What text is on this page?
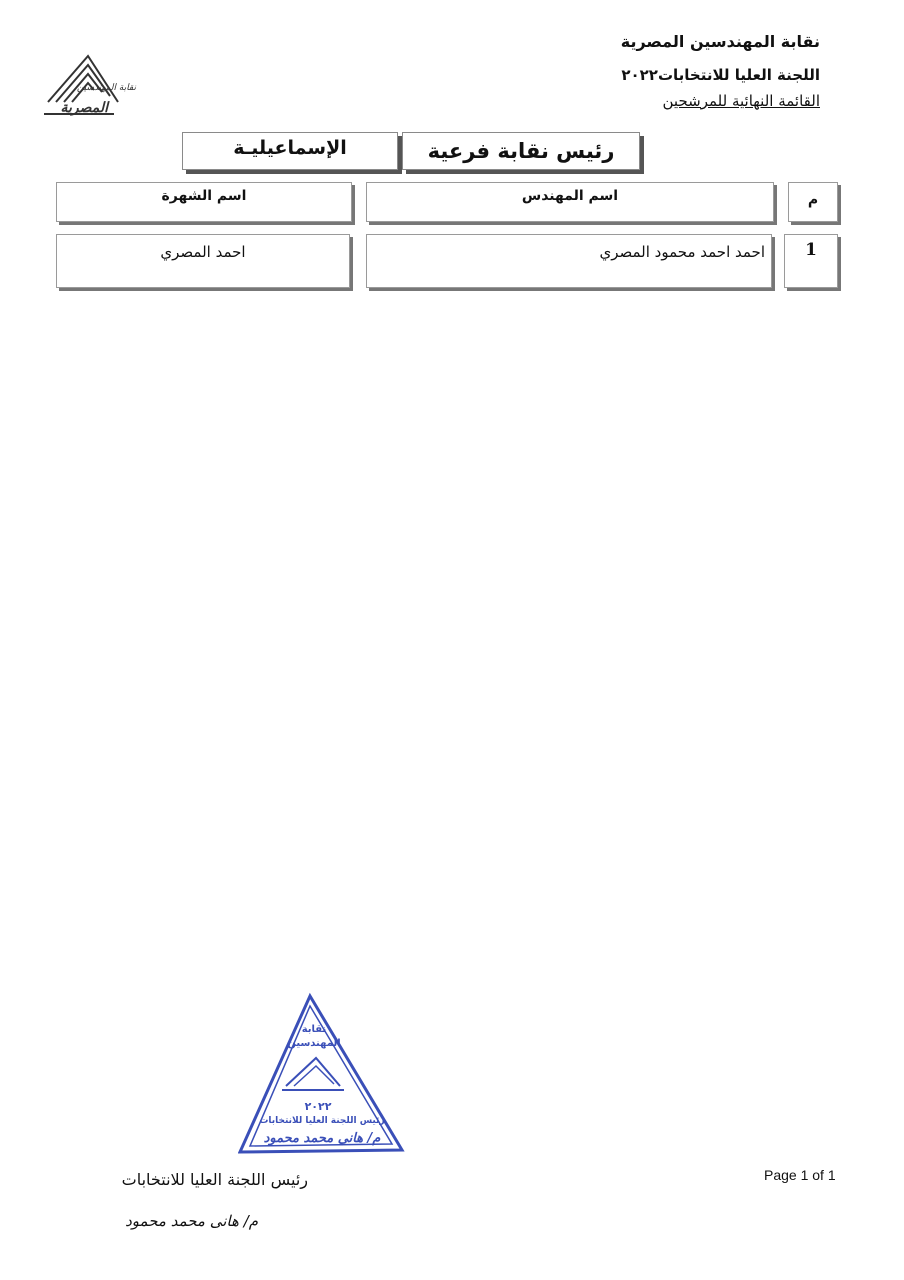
نقابة المهندسين
المصرية
نقابة المهندسين المصرية
اللجنة العليا للانتخابات٢٠٢٢
القائمة النهائية للمرشحين
رئيس نقابة فرعية
الإسماعيليـة
م
اسم المهندس
اسم الشهرة
1
احمد احمد محمود المصري
احمد المصري
نقابة
المهندسين
٢٠٢٢
رئيس اللجنة العليا للانتخابات
م/ هاني محمد محمود
رئيس اللجنة العليا للانتخابات
م/ هانى محمد محمود
Page 1 of 1
